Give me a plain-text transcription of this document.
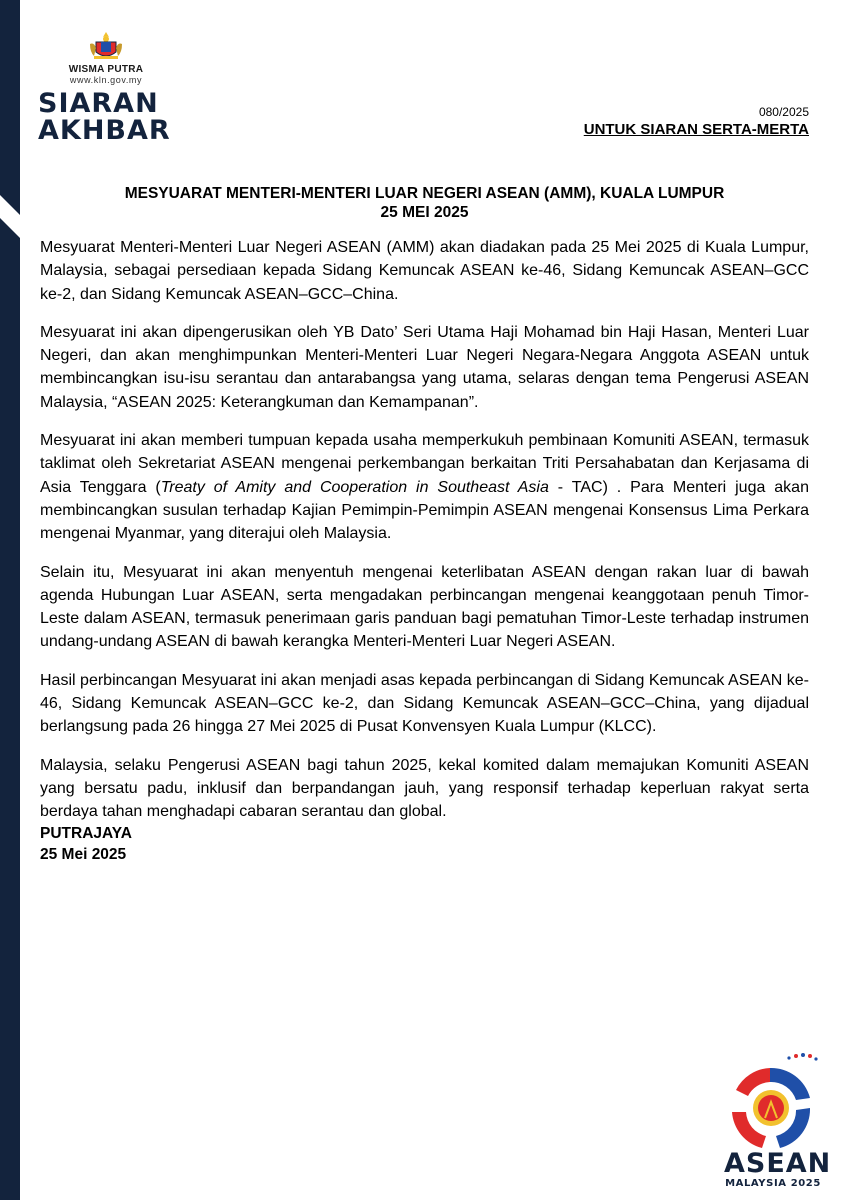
WISMA PUTRA
www.kln.gov.my
SIARAN
AKHBAR
080/2025
UNTUK SIARAN SERTA-MERTA
MESYUARAT MENTERI-MENTERI LUAR NEGERI ASEAN (AMM), KUALA LUMPUR
25 MEI 2025

Mesyuarat Menteri-Menteri Luar Negeri ASEAN (AMM) akan diadakan pada 25 Mei 2025 di Kuala Lumpur, Malaysia, sebagai persediaan kepada Sidang Kemuncak ASEAN ke-46, Sidang Kemuncak ASEAN–GCC ke-2, dan Sidang Kemuncak ASEAN–GCC–China.

Mesyuarat ini akan dipengerusikan oleh YB Dato’ Seri Utama Haji Mohamad bin Haji Hasan, Menteri Luar Negeri, dan akan menghimpunkan Menteri-Menteri Luar Negeri Negara-Negara Anggota ASEAN untuk membincangkan isu-isu serantau dan antarabangsa yang utama, selaras dengan tema Pengerusi ASEAN Malaysia, “ASEAN 2025: Keterangkuman dan Kemampanan”.

Mesyuarat ini akan memberi tumpuan kepada usaha memperkukuh pembinaan Komuniti ASEAN, termasuk taklimat oleh Sekretariat ASEAN mengenai perkembangan berkaitan Triti Persahabatan dan Kerjasama di Asia Tenggara (Treaty of Amity and Cooperation in Southeast Asia - TAC) . Para Menteri juga akan membincangkan susulan terhadap Kajian Pemimpin-Pemimpin ASEAN mengenai Konsensus Lima Perkara mengenai Myanmar, yang diterajui oleh Malaysia.

Selain itu, Mesyuarat ini akan menyentuh mengenai keterlibatan ASEAN dengan rakan luar di bawah agenda Hubungan Luar ASEAN, serta mengadakan perbincangan mengenai keanggotaan penuh Timor-Leste dalam ASEAN, termasuk penerimaan garis panduan bagi pematuhan Timor-Leste terhadap instrumen undang-undang ASEAN di bawah kerangka Menteri-Menteri Luar Negeri ASEAN.

Hasil perbincangan Mesyuarat ini akan menjadi asas kepada perbincangan di Sidang Kemuncak ASEAN ke-46, Sidang Kemuncak ASEAN–GCC ke-2, dan Sidang Kemuncak ASEAN–GCC–China, yang dijadual berlangsung pada 26 hingga 27 Mei 2025 di Pusat Konvensyen Kuala Lumpur (KLCC).

Malaysia, selaku Pengerusi ASEAN bagi tahun 2025, kekal komited dalam memajukan Komuniti ASEAN yang bersatu padu, inklusif dan berpandangan jauh, yang responsif terhadap keperluan rakyat serta berdaya tahan menghadapi cabaran serantau dan global.

PUTRAJAYA
25 Mei 2025
ASEAN
MALAYSIA 2025
